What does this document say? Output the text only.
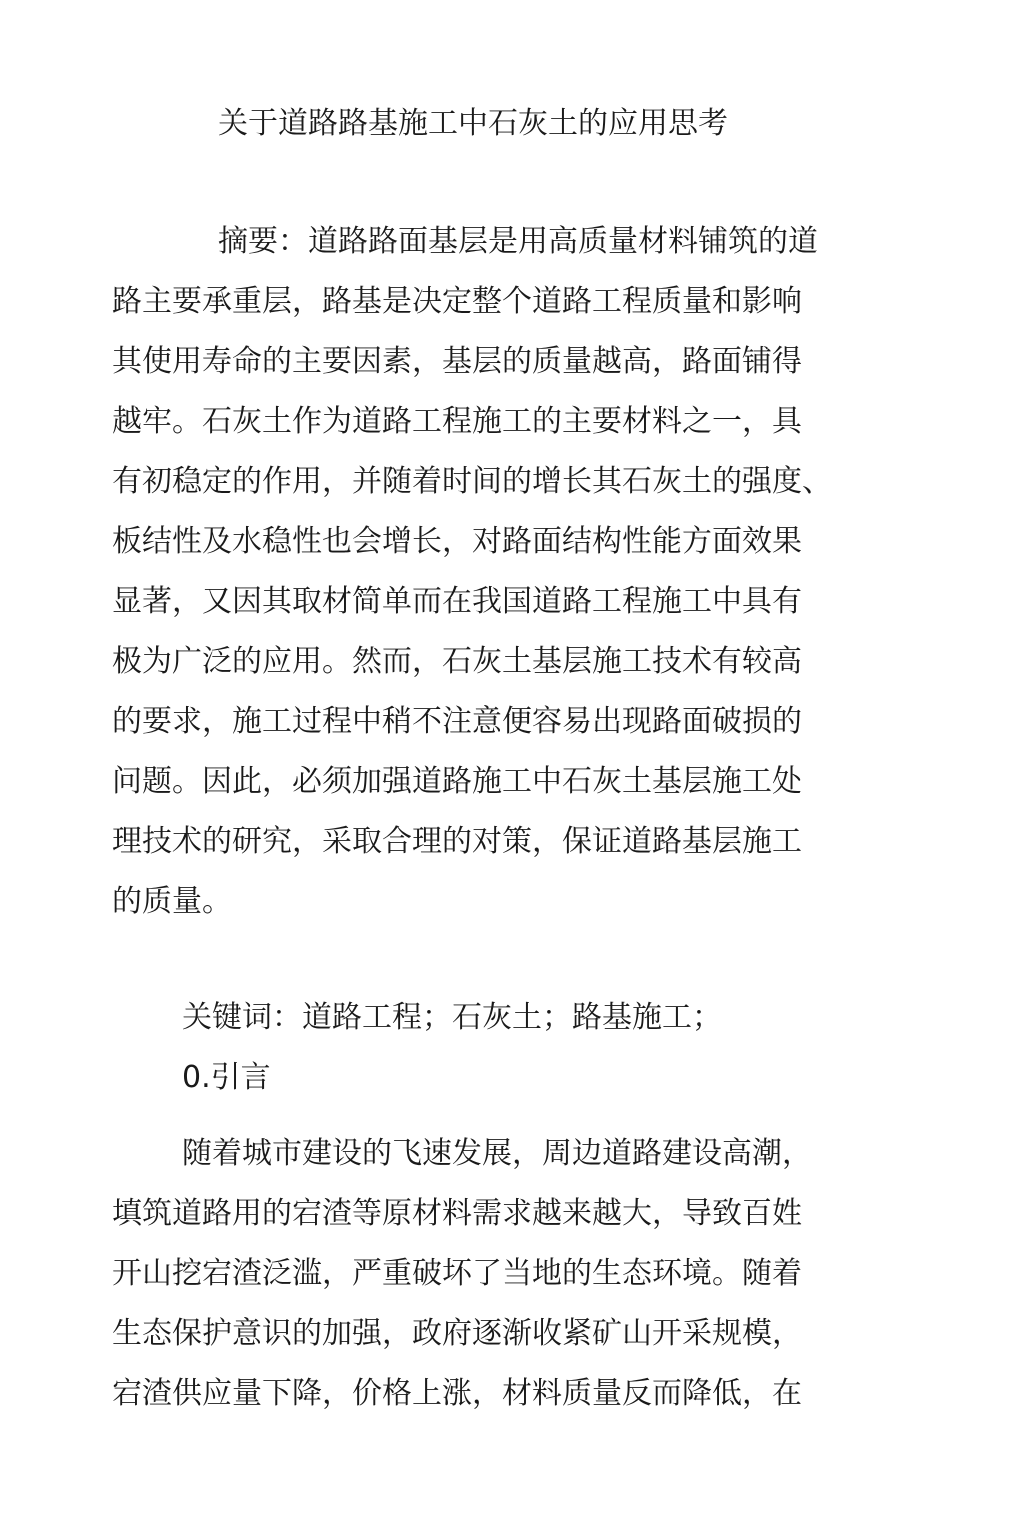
关于道路路基施工中石灰土的应用思考
摘要：道路路面基层是用高质量材料铺筑的道
路主要承重层，路基是决定整个道路工程质量和影响
其使用寿命的主要因素，基层的质量越高，路面铺得
越牢。石灰土作为道路工程施工的主要材料之一，具
有初稳定的作用，并随着时间的增长其石灰土的强度、
板结性及水稳性也会增长，对路面结构性能方面效果
显著，又因其取材简单而在我国道路工程施工中具有
极为广泛的应用。然而，石灰土基层施工技术有较高
的要求，施工过程中稍不注意便容易出现路面破损的
问题。因此，必须加强道路施工中石灰土基层施工处
理技术的研究，采取合理的对策，保证道路基层施工
的质量。
关键词：道路工程；石灰土；路基施工；
0.引言
随着城市建设的飞速发展，周边道路建设高潮，
填筑道路用的宕渣等原材料需求越来越大，导致百姓
开山挖宕渣泛滥，严重破坏了当地的生态环境。随着
生态保护意识的加强，政府逐渐收紧矿山开采规模，
宕渣供应量下降，价格上涨，材料质量反而降低，在
